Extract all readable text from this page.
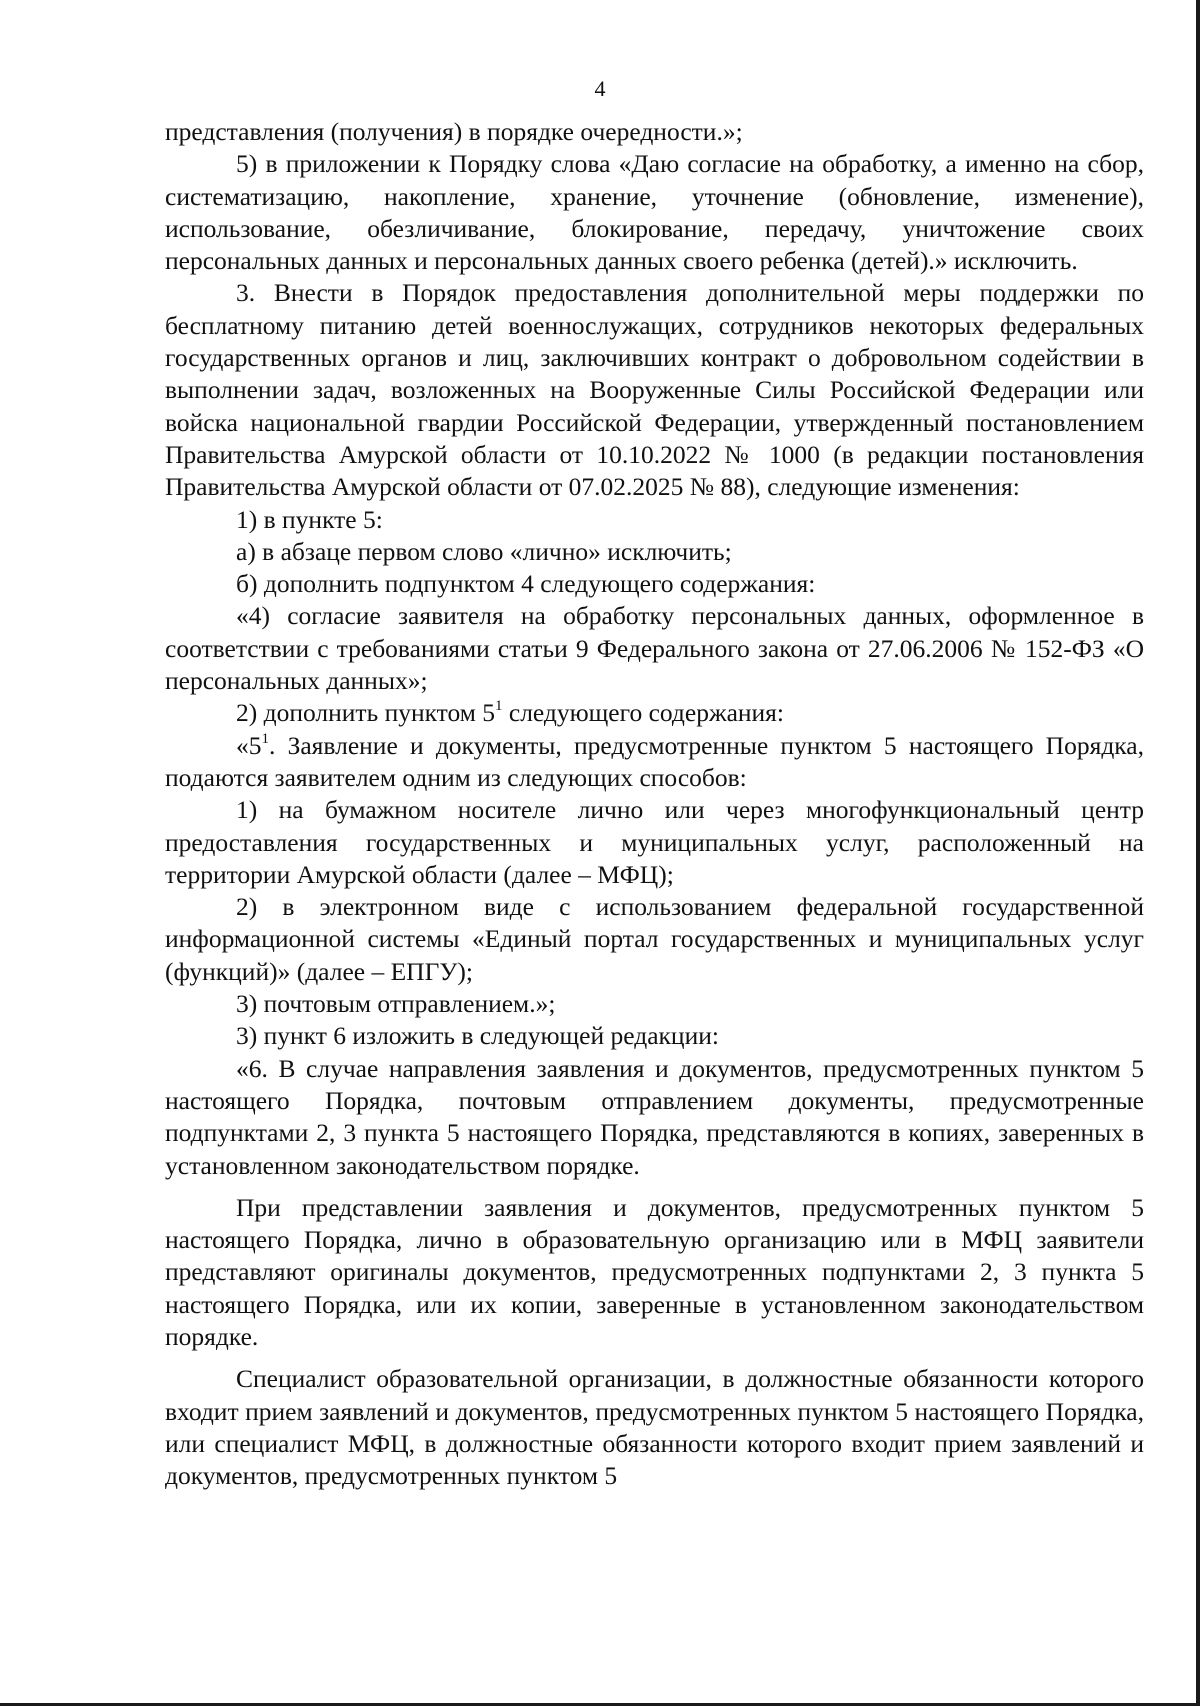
4

представления (получения) в порядке очередности.»;

5) в приложении к Порядку слова «Даю согласие на обработку, а именно на сбор, систематизацию, накопление, хранение, уточнение (обновление, изменение), использование, обезличивание, блокирование, передачу, уничтожение своих персональных данных и персональных данных своего ребенка (детей).» исключить.

3. Внести в Порядок предоставления дополнительной меры поддержки по бесплатному питанию детей военнослужащих, сотрудников некоторых федеральных государственных органов и лиц, заключивших контракт о добровольном содействии в выполнении задач, возложенных на Вооруженные Силы Российской Федерации или войска национальной гвардии Российской Федерации, утвержденный постановлением Правительства Амурской области от 10.10.2022 № 1000 (в редакции постановления Правительства Амурской области от 07.02.2025 № 88), следующие изменения:

1) в пункте 5:

а) в абзаце первом слово «лично» исключить;

б) дополнить подпунктом 4 следующего содержания:

«4) согласие заявителя на обработку персональных данных, оформленное в соответствии с требованиями статьи 9 Федерального закона от 27.06.2006 № 152-ФЗ «О персональных данных»;

2) дополнить пунктом $5^1$ следующего содержания:

«$5^1$. Заявление и документы, предусмотренные пунктом 5 настоящего Порядка, подаются заявителем одним из следующих способов:

1) на бумажном носителе лично или через многофункциональный центр предоставления государственных и муниципальных услуг, расположенный на территории Амурской области (далее – МФЦ);

2) в электронном виде с использованием федеральной государственной информационной системы «Единый портал государственных и муниципальных услуг (функций)» (далее – ЕПГУ);

3) почтовым отправлением.»;

3) пункт 6 изложить в следующей редакции:

«6. В случае направления заявления и документов, предусмотренных пунктом 5 настоящего Порядка, почтовым отправлением документы, предусмотренные подпунктами 2, 3 пункта 5 настоящего Порядка, представляются в копиях, заверенных в установленном законодательством порядке.

При представлении заявления и документов, предусмотренных пунктом 5 настоящего Порядка, лично в образовательную организацию или в МФЦ заявители представляют оригиналы документов, предусмотренных подпунктами 2, 3 пункта 5 настоящего Порядка, или их копии, заверенные в установленном законодательством порядке.

Специалист образовательной организации, в должностные обязанности которого входит прием заявлений и документов, предусмотренных пунктом 5 настоящего Порядка, или специалист МФЦ, в должностные обязанности которого входит прием заявлений и документов, предусмотренных пунктом 5
